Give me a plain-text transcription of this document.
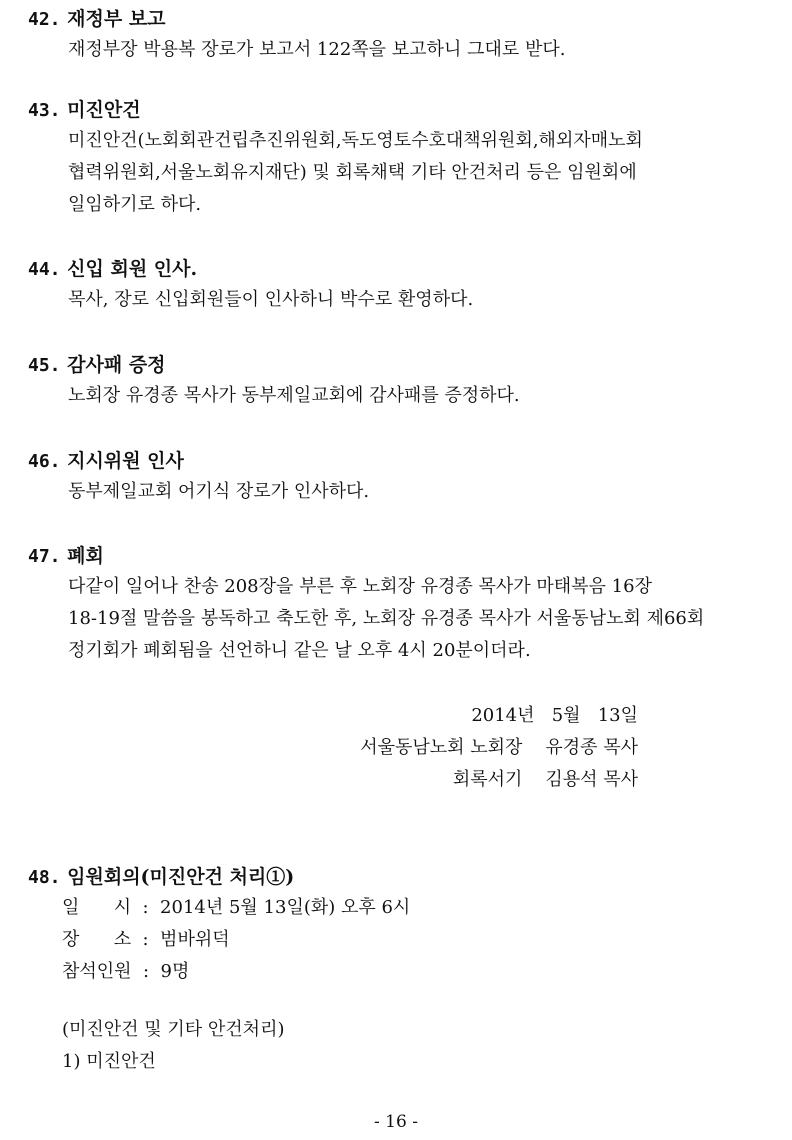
42. 재정부 보고
재정부장 박용복 장로가 보고서 122쪽을 보고하니 그대로 받다.
43. 미진안건
미진안건(노회회관건립추진위원회,독도영토수호대책위원회,해외자매노회
협력위원회,서울노회유지재단) 및 회록채택 기타 안건처리 등은 임원회에
일임하기로 하다.
44. 신입 회원 인사.
목사, 장로 신입회원들이 인사하니 박수로 환영하다.
45. 감사패 증정
노회장 유경종 목사가 동부제일교회에 감사패를 증정하다.
46. 지시위원 인사
동부제일교회 어기식 장로가 인사하다.
47. 폐회
다같이 일어나 찬송 208장을 부른 후 노회장 유경종 목사가 마태복음 16장
18-19절 말씀을 봉독하고 축도한 후, 노회장 유경종 목사가 서울동남노회 제66회
정기회가 폐회됨을 선언하니 같은 날 오후 4시 20분이더라.
2014년   5월   13일
서울동남노회 노회장    유경종 목사
회록서기    김용석 목사
48. 임원회의(미진안건 처리①)
일      시  :  2014년 5월 13일(화) 오후 6시
장      소  :  범바위덕
참석인원  :  9명
(미진안건 및 기타 안건처리)
1) 미진안건
- 16 -
